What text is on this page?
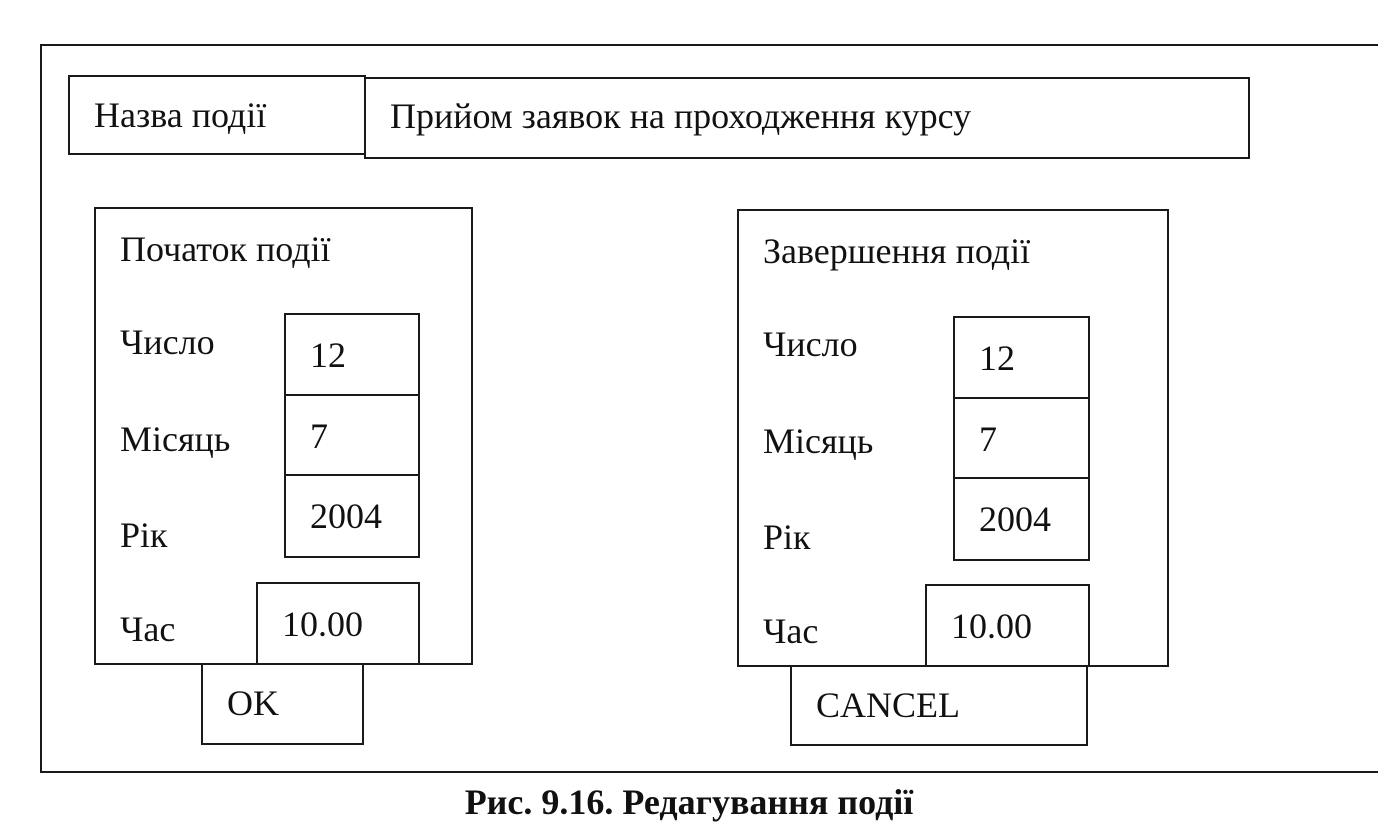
Назва події	Прийом заявок на проходження курсу
Початок події
Число	12
Місяць 7
Рік	2004
Час	10.00
Завершення події
Число	12
Місяць	7
Рік	2004
Час	10.00
OK	CANCEL
Рис. 9.16. Редагування події
